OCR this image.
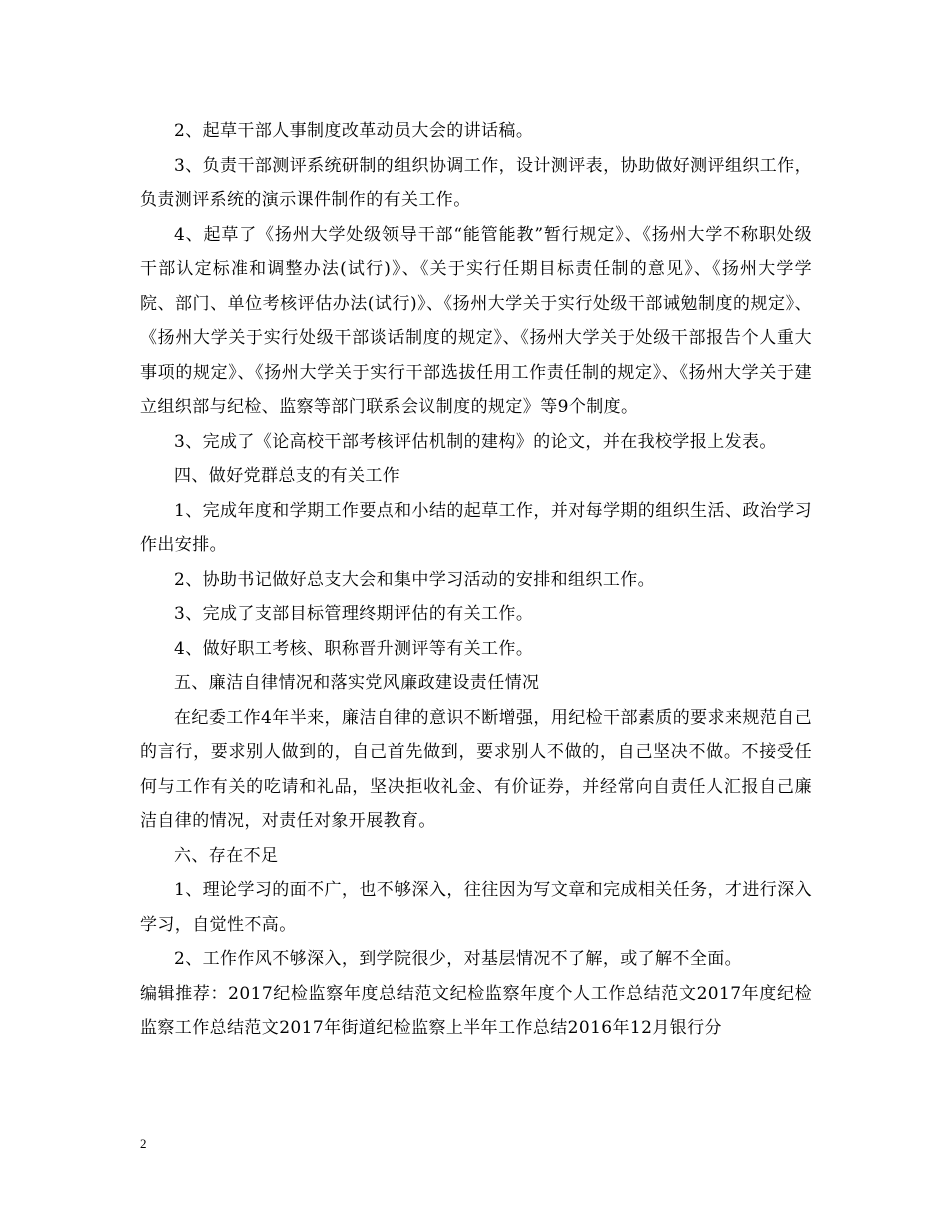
2、起草干部人事制度改革动员大会的讲话稿。

3、负责干部测评系统研制的组织协调工作，设计测评表，协助做好测评组织工作，负责测评系统的演示课件制作的有关工作。

4、起草了《扬州大学处级领导干部“能管能教”暂行规定》、《扬州大学不称职处级干部认定标准和调整办法(试行)》、《关于实行任期目标责任制的意见》、《扬州大学学院、部门、单位考核评估办法(试行)》、《扬州大学关于实行处级干部诫勉制度的规定》、《扬州大学关于实行处级干部谈话制度的规定》、《扬州大学关于处级干部报告个人重大事项的规定》、《扬州大学关于实行干部选拔任用工作责任制的规定》、《扬州大学关于建立组织部与纪检、监察等部门联系会议制度的规定》等9个制度。

3、完成了《论高校干部考核评估机制的建构》的论文，并在我校学报上发表。

四、做好党群总支的有关工作

1、完成年度和学期工作要点和小结的起草工作，并对每学期的组织生活、政治学习作出安排。

2、协助书记做好总支大会和集中学习活动的安排和组织工作。

3、完成了支部目标管理终期评估的有关工作。

4、做好职工考核、职称晋升测评等有关工作。

五、廉洁自律情况和落实党风廉政建设责任情况

在纪委工作4年半来，廉洁自律的意识不断增强，用纪检干部素质的要求来规范自己的言行，要求别人做到的，自己首先做到，要求别人不做的，自己坚决不做。不接受任何与工作有关的吃请和礼品，坚决拒收礼金、有价证券，并经常向自责任人汇报自己廉洁自律的情况，对责任对象开展教育。

六、存在不足

1、理论学习的面不广，也不够深入，往往因为写文章和完成相关任务，才进行深入学习，自觉性不高。

2、工作作风不够深入，到学院很少，对基层情况不了解，或了解不全面。

编辑推荐：2017纪检监察年度总结范文纪检监察年度个人工作总结范文2017年度纪检监察工作总结范文2017年街道纪检监察上半年工作总结2016年12月银行分

2
